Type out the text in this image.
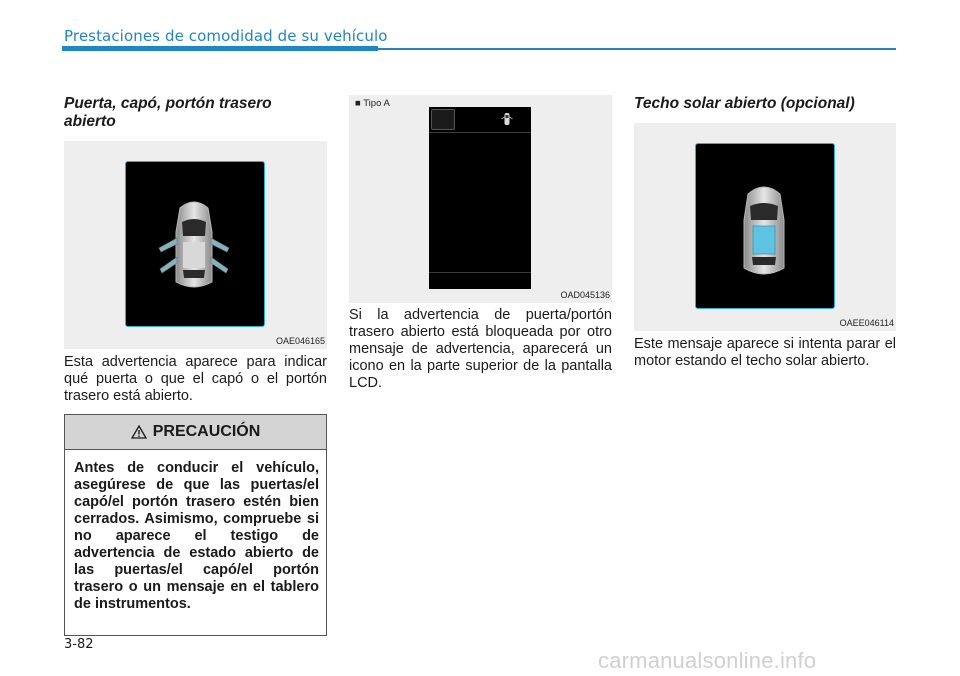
Prestaciones de comodidad de su vehículo
Puerta, capó, portón trasero abierto
OAE046165
Esta advertencia aparece para indicar qué puerta o que el capó o el portón trasero está abierto.
PRECAUCIÓN
Antes de conducir el vehículo, asegúrese de que las puertas/el capó/el portón trasero estén bien cerrados. Asimismo, compruebe si no aparece el testigo de advertencia de estado abierto de las puertas/el capó/el portón trasero o un mensaje en el tablero de instrumentos.
■ Tipo A
OAD045136
Si la advertencia de puerta/portón trasero abierto está bloqueada por otro mensaje de advertencia, aparecerá un icono en la parte superior de la pantalla LCD.
Techo solar abierto (opcional)
OAEE046114
Este mensaje aparece si intenta parar el motor estando el techo solar abierto.
3-82
carmanualsonline.info
